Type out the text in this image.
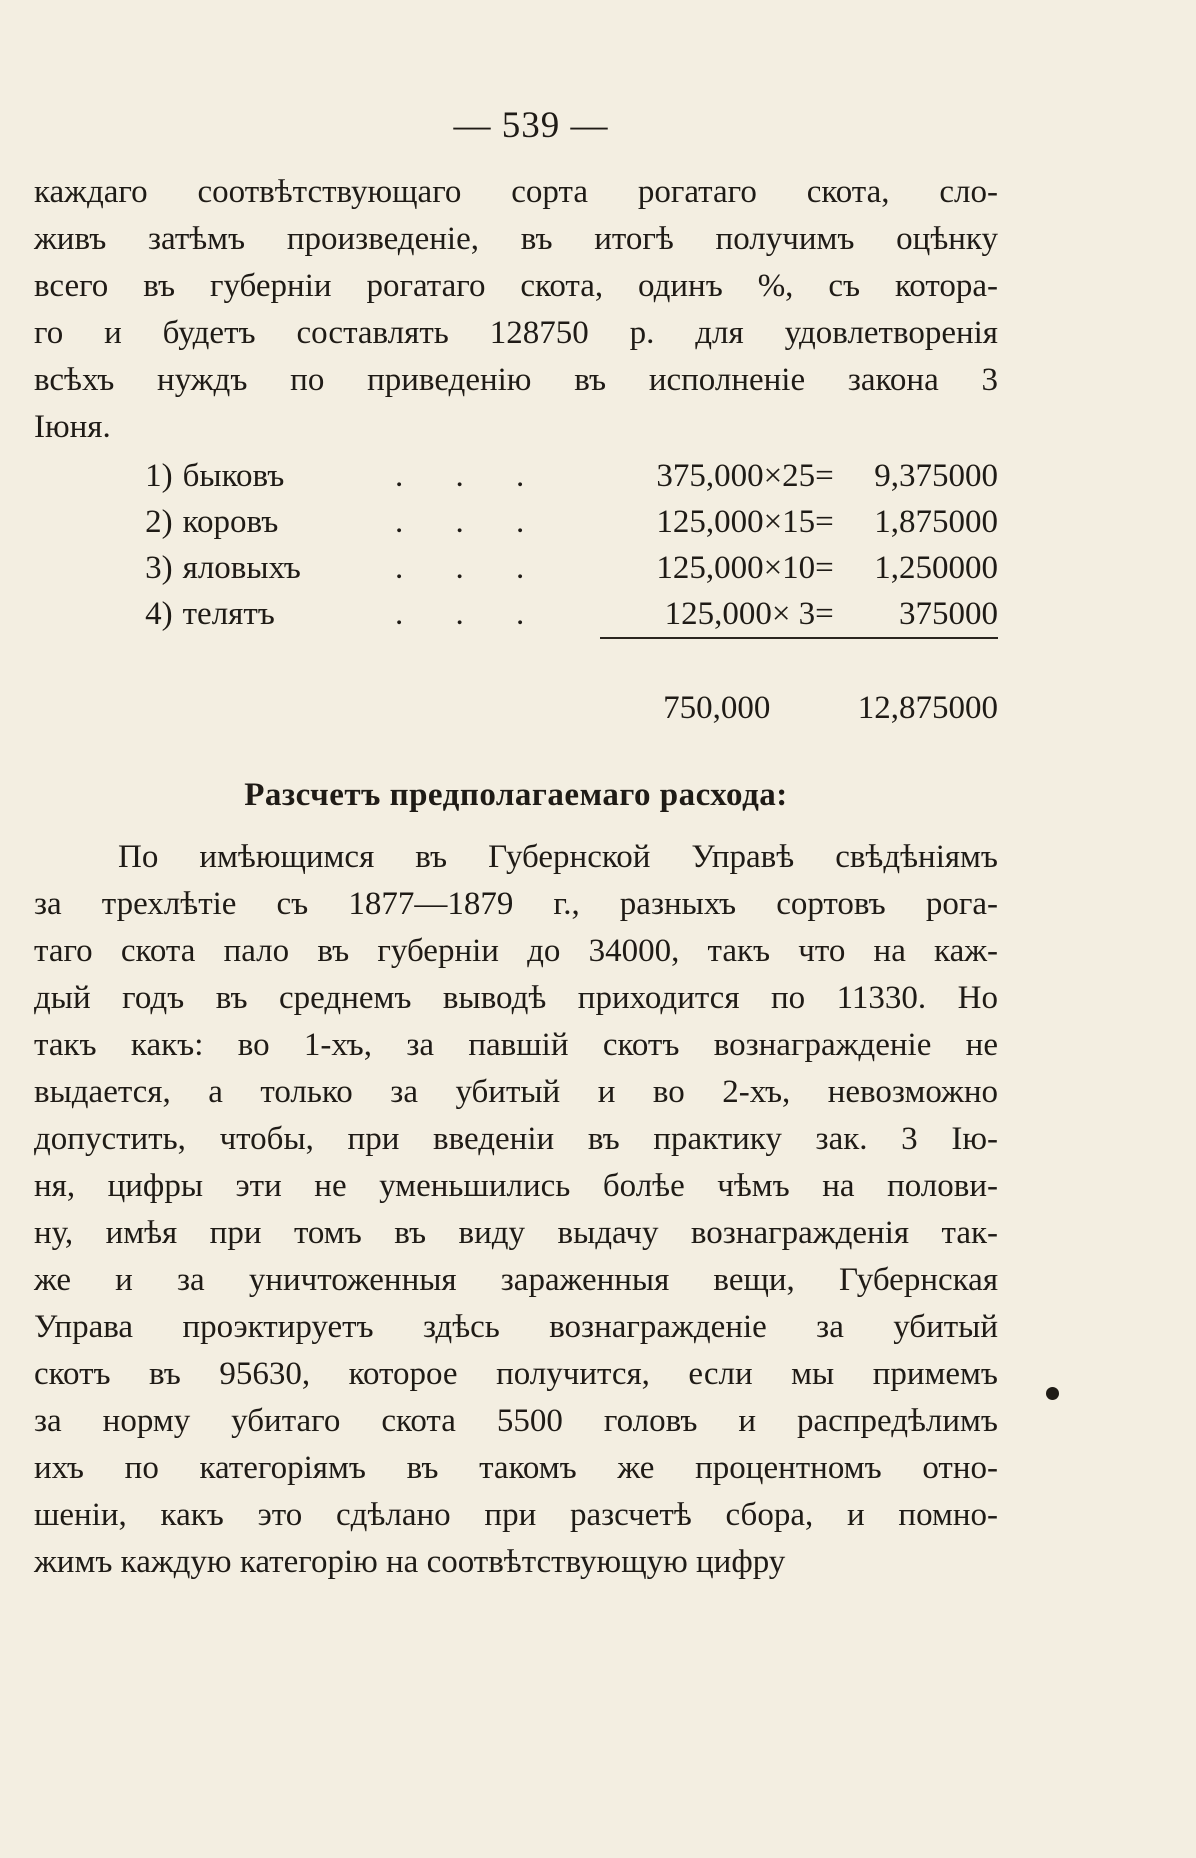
— 539 —
каждаго соотвѣтствующаго сорта рогатаго скота, сло-
живъ затѣмъ произведеніе, въ итогѣ получимъ оцѣнку
всего въ губерніи рогатаго скота, одинъ %, съ котора-
го и будетъ составлять 128750 р. для удовлетворенія
всѣхъ нуждъ по приведенію въ исполненіе закона 3
Іюня.
1)	быковъ	. . .	375,000×25=	9,375000
2)	коровъ	. . .	125,000×15=	1,875000
3)	яловыхъ	. . .	125,000×10=	1,250000
4)	телятъ	. . .	125,000× 3=	375000

			750,000	12,875000
Разсчетъ предполагаемаго расхода:
По имѣющимся въ Губернской Управѣ свѣдѣніямъ
за трехлѣтіе съ 1877—1879 г., разныхъ сортовъ рога-
таго скота пало въ губерніи до 34000, такъ что на каж-
дый годъ въ среднемъ выводѣ приходится по 11330. Но
такъ какъ: во 1-хъ, за павшій скотъ вознагражденіе не
выдается, а только за убитый и во 2-хъ, невозможно
допустить, чтобы, при введеніи въ практику зак. 3 Ію-
ня, цифры эти не уменьшились болѣе чѣмъ на полови-
ну, имѣя при томъ въ виду выдачу вознагражденія так-
же и за уничтоженныя зараженныя вещи, Губернская
Управа проэктируетъ здѣсь вознагражденіе за убитый
скотъ въ 95630, которое получится, если мы примемъ
за норму убитаго скота 5500 головъ и распредѣлимъ
ихъ по категоріямъ въ такомъ же процентномъ отно-
шеніи, какъ это сдѣлано при разсчетѣ сбора, и помно-
жимъ каждую категорію на соотвѣтствующую цифру
